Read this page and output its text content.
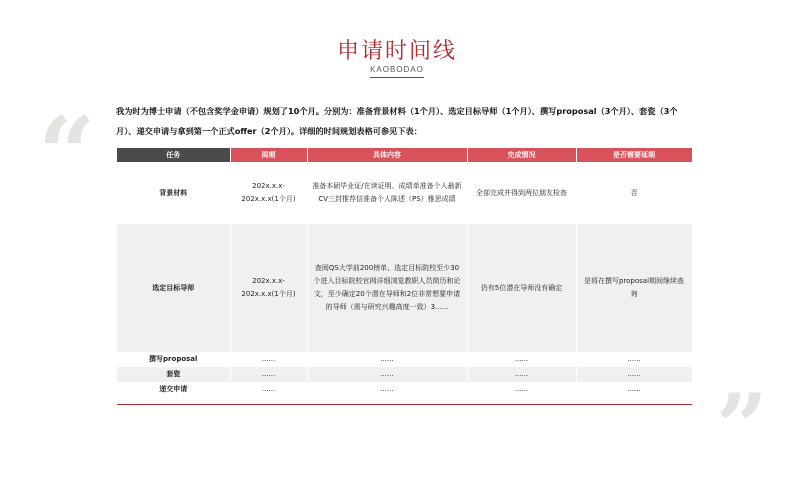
“
”
申请时间线
KAOBODAO
我为时为博士申请（不包含奖学金申请）规划了10个月。分别为：准备背景材料（1个月）、选定目标导师（1个月）、撰写proposal（3个月）、套瓷（3个月）、递交申请与拿到第一个正式offer（2个月）。详细的时间规划表格可参见下表：
任务	周期	具体内容	完成情况	是否需要延期
背景材料	202x.x.x-202x.x.x(1个月)	准备本硕毕业证/在读证明、成绩单准备个人最新CV三封推荐信准备个人陈述（PS）雅思成绩	全部完成并得到两位朋友检查	否
选定目标导师	202x.x.x-202x.x.x(1个月)	查阅QS大学前200榜单、选定目标院校至少30个进入目标院校官网详细浏览教职人员简历和论文，至少确定20个潜在导师和2位非常想要申请的导师（需与研究兴趣高度一致）3......	仍有5位潜在导师没有确定	是将在撰写proposal期间继续查询
撰写proposal	......	......	......	......
套瓷	......	......	......	......
递交申请	......	......	......	......
